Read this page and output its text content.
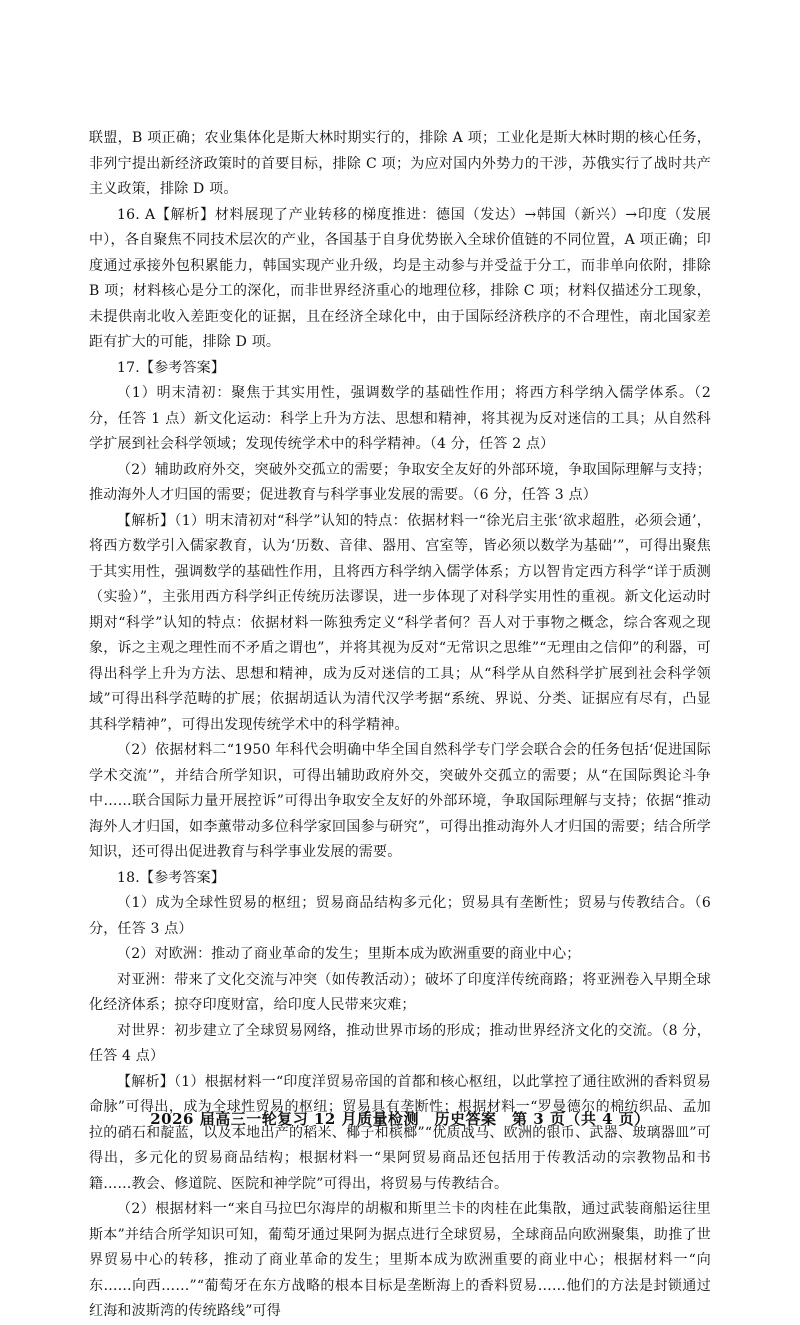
联盟，B 项正确；农业集体化是斯大林时期实行的，排除 A 项；工业化是斯大林时期的核心任务，非列宁提出新经济政策时的首要目标，排除 C 项；为应对国内外势力的干涉，苏俄实行了战时共产主义政策，排除 D 项。

16. A【解析】材料展现了产业转移的梯度推进：德国（发达）→韩国（新兴）→印度（发展中），各自聚焦不同技术层次的产业，各国基于自身优势嵌入全球价值链的不同位置，A 项正确；印度通过承接外包积累能力，韩国实现产业升级，均是主动参与并受益于分工，而非单向依附，排除 B 项；材料核心是分工的深化，而非世界经济重心的地理位移，排除 C 项；材料仅描述分工现象，未提供南北收入差距变化的证据，且在经济全球化中，由于国际经济秩序的不合理性，南北国家差距有扩大的可能，排除 D 项。

17.【参考答案】

（1）明末清初：聚焦于其实用性，强调数学的基础性作用；将西方科学纳入儒学体系。（2 分，任答 1 点）新文化运动：科学上升为方法、思想和精神，将其视为反对迷信的工具；从自然科学扩展到社会科学领域；发现传统学术中的科学精神。（4 分，任答 2 点）

（2）辅助政府外交，突破外交孤立的需要；争取安全友好的外部环境，争取国际理解与支持；推动海外人才归国的需要；促进教育与科学事业发展的需要。（6 分，任答 3 点）

【解析】（1）明末清初对“科学”认知的特点：依据材料一“徐光启主张‘欲求超胜，必须会通’，将西方数学引入儒家教育，认为‘历数、音律、器用、宫室等，皆必须以数学为基础’”，可得出聚焦于其实用性，强调数学的基础性作用，且将西方科学纳入儒学体系；方以智肯定西方科学“详于质测（实验）”，主张用西方科学纠正传统历法谬误，进一步体现了对科学实用性的重视。新文化运动时期对“科学”认知的特点：依据材料一陈独秀定义“科学者何？吾人对于事物之概念，综合客观之现象，诉之主观之理性而不矛盾之谓也”，并将其视为反对“无常识之思维”“无理由之信仰”的利器，可得出科学上升为方法、思想和精神，成为反对迷信的工具；从“科学从自然科学扩展到社会科学领域”可得出科学范畴的扩展；依据胡适认为清代汉学考据“系统、界说、分类、证据应有尽有，凸显其科学精神”，可得出发现传统学术中的科学精神。

（2）依据材料二“1950 年科代会明确中华全国自然科学专门学会联合会的任务包括‘促进国际学术交流’”，并结合所学知识，可得出辅助政府外交，突破外交孤立的需要；从“在国际舆论斗争中……联合国际力量开展控诉”可得出争取安全友好的外部环境，争取国际理解与支持；依据“推动海外人才归国，如李薰带动多位科学家回国参与研究”，可得出推动海外人才归国的需要；结合所学知识，还可得出促进教育与科学事业发展的需要。

18.【参考答案】

（1）成为全球性贸易的枢纽；贸易商品结构多元化；贸易具有垄断性；贸易与传教结合。（6 分，任答 3 点）

（2）对欧洲：推动了商业革命的发生；里斯本成为欧洲重要的商业中心；

对亚洲：带来了文化交流与冲突（如传教活动）；破坏了印度洋传统商路；将亚洲卷入早期全球化经济体系；掠夺印度财富，给印度人民带来灾难；

对世界：初步建立了全球贸易网络，推动世界市场的形成；推动世界经济文化的交流。（8 分，任答 4 点）

【解析】（1）根据材料一“印度洋贸易帝国的首都和核心枢纽，以此掌控了通往欧洲的香料贸易命脉”可得出，成为全球性贸易的枢纽；贸易具有垄断性；根据材料一“罗曼德尔的棉纺织品、孟加拉的硝石和靛蓝，以及本地出产的稻米、椰子和槟榔”“优质战马、欧洲的银币、武器、玻璃器皿”可得出，多元化的贸易商品结构；根据材料一“果阿贸易商品还包括用于传教活动的宗教物品和书籍……教会、修道院、医院和神学院”可得出，将贸易与传教结合。

（2）根据材料一“来自马拉巴尔海岸的胡椒和斯里兰卡的肉桂在此集散，通过武装商船运往里斯本”并结合所学知识可知，葡萄牙通过果阿为据点进行全球贸易，全球商品向欧洲聚集，助推了世界贸易中心的转移，推动了商业革命的发生；里斯本成为欧洲重要的商业中心；根据材料一“向东……向西……”“葡萄牙在东方战略的根本目标是垄断海上的香料贸易……他们的方法是封锁通过红海和波斯湾的传统路线”可得

2026 届高三一轮复习 12 月质量检测　历史答案　第 3 页（共 4 页）
